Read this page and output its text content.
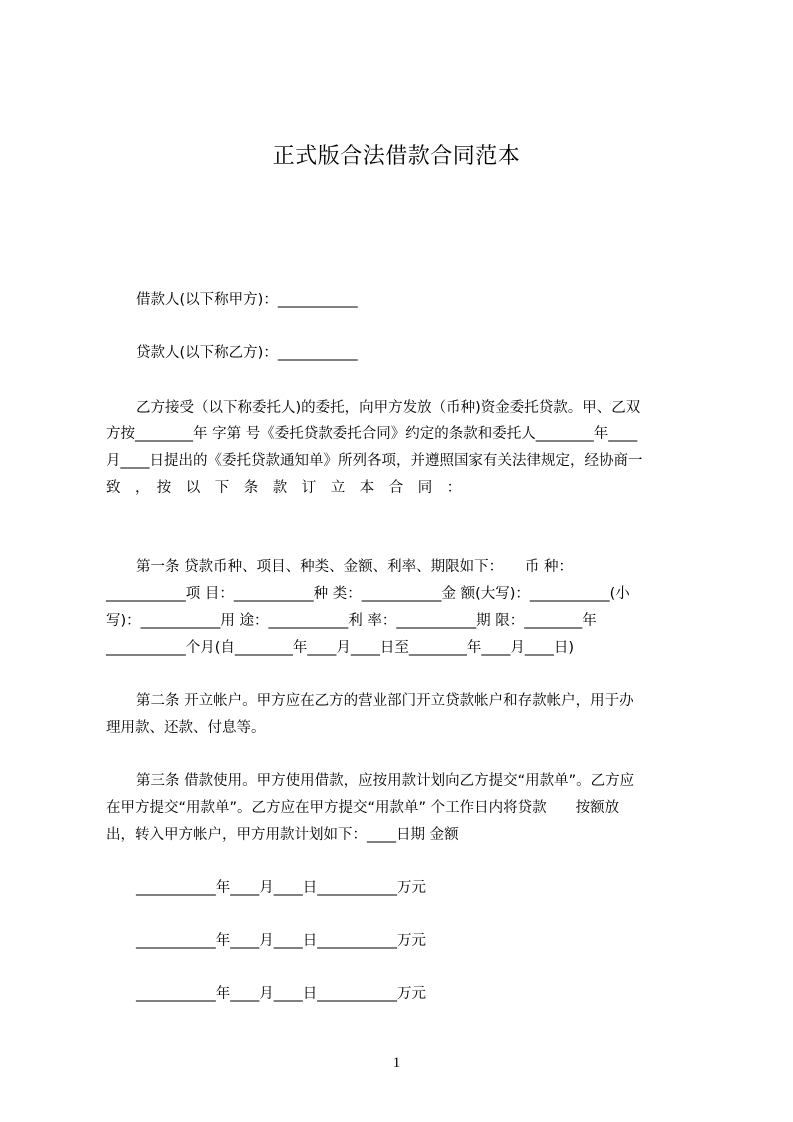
正式版合法借款合同范本
借款人(以下称甲方)：___________
贷款人(以下称乙方)：___________
乙方接受（以下称委托人)的委托，向甲方发放（币种)资金委托贷款。甲、乙双
方按________年 字第 号《委托贷款委托合同》约定的条款和委托人________年____
月____日提出的《委托贷款通知单》所列各项，并遵照国家有关法律规定，经协商一
致　，　按　以　下　条　款　订　立　本　合　同　：
第一条 贷款币种、项目、种类、金额、利率、期限如下：　　币 种：
___________项 目：___________种 类：___________金 额(大写)：___________(小
写)：___________用 途：___________利 率：___________期 限：________年
___________个月(自________年____月____日至________年____月____日)
第二条 开立帐户。甲方应在乙方的营业部门开立贷款帐户和存款帐户，用于办
理用款、还款、付息等。
第三条 借款使用。甲方使用借款，应按用款计划向乙方提交“用款单”。乙方应
在甲方提交“用款单”。乙方应在甲方提交“用款单” 个工作日内将贷款　　按额放
出，转入甲方帐户，甲方用款计划如下：____日期 金额
___________年____月____日___________万元
___________年____月____日___________万元
___________年____月____日___________万元
1
